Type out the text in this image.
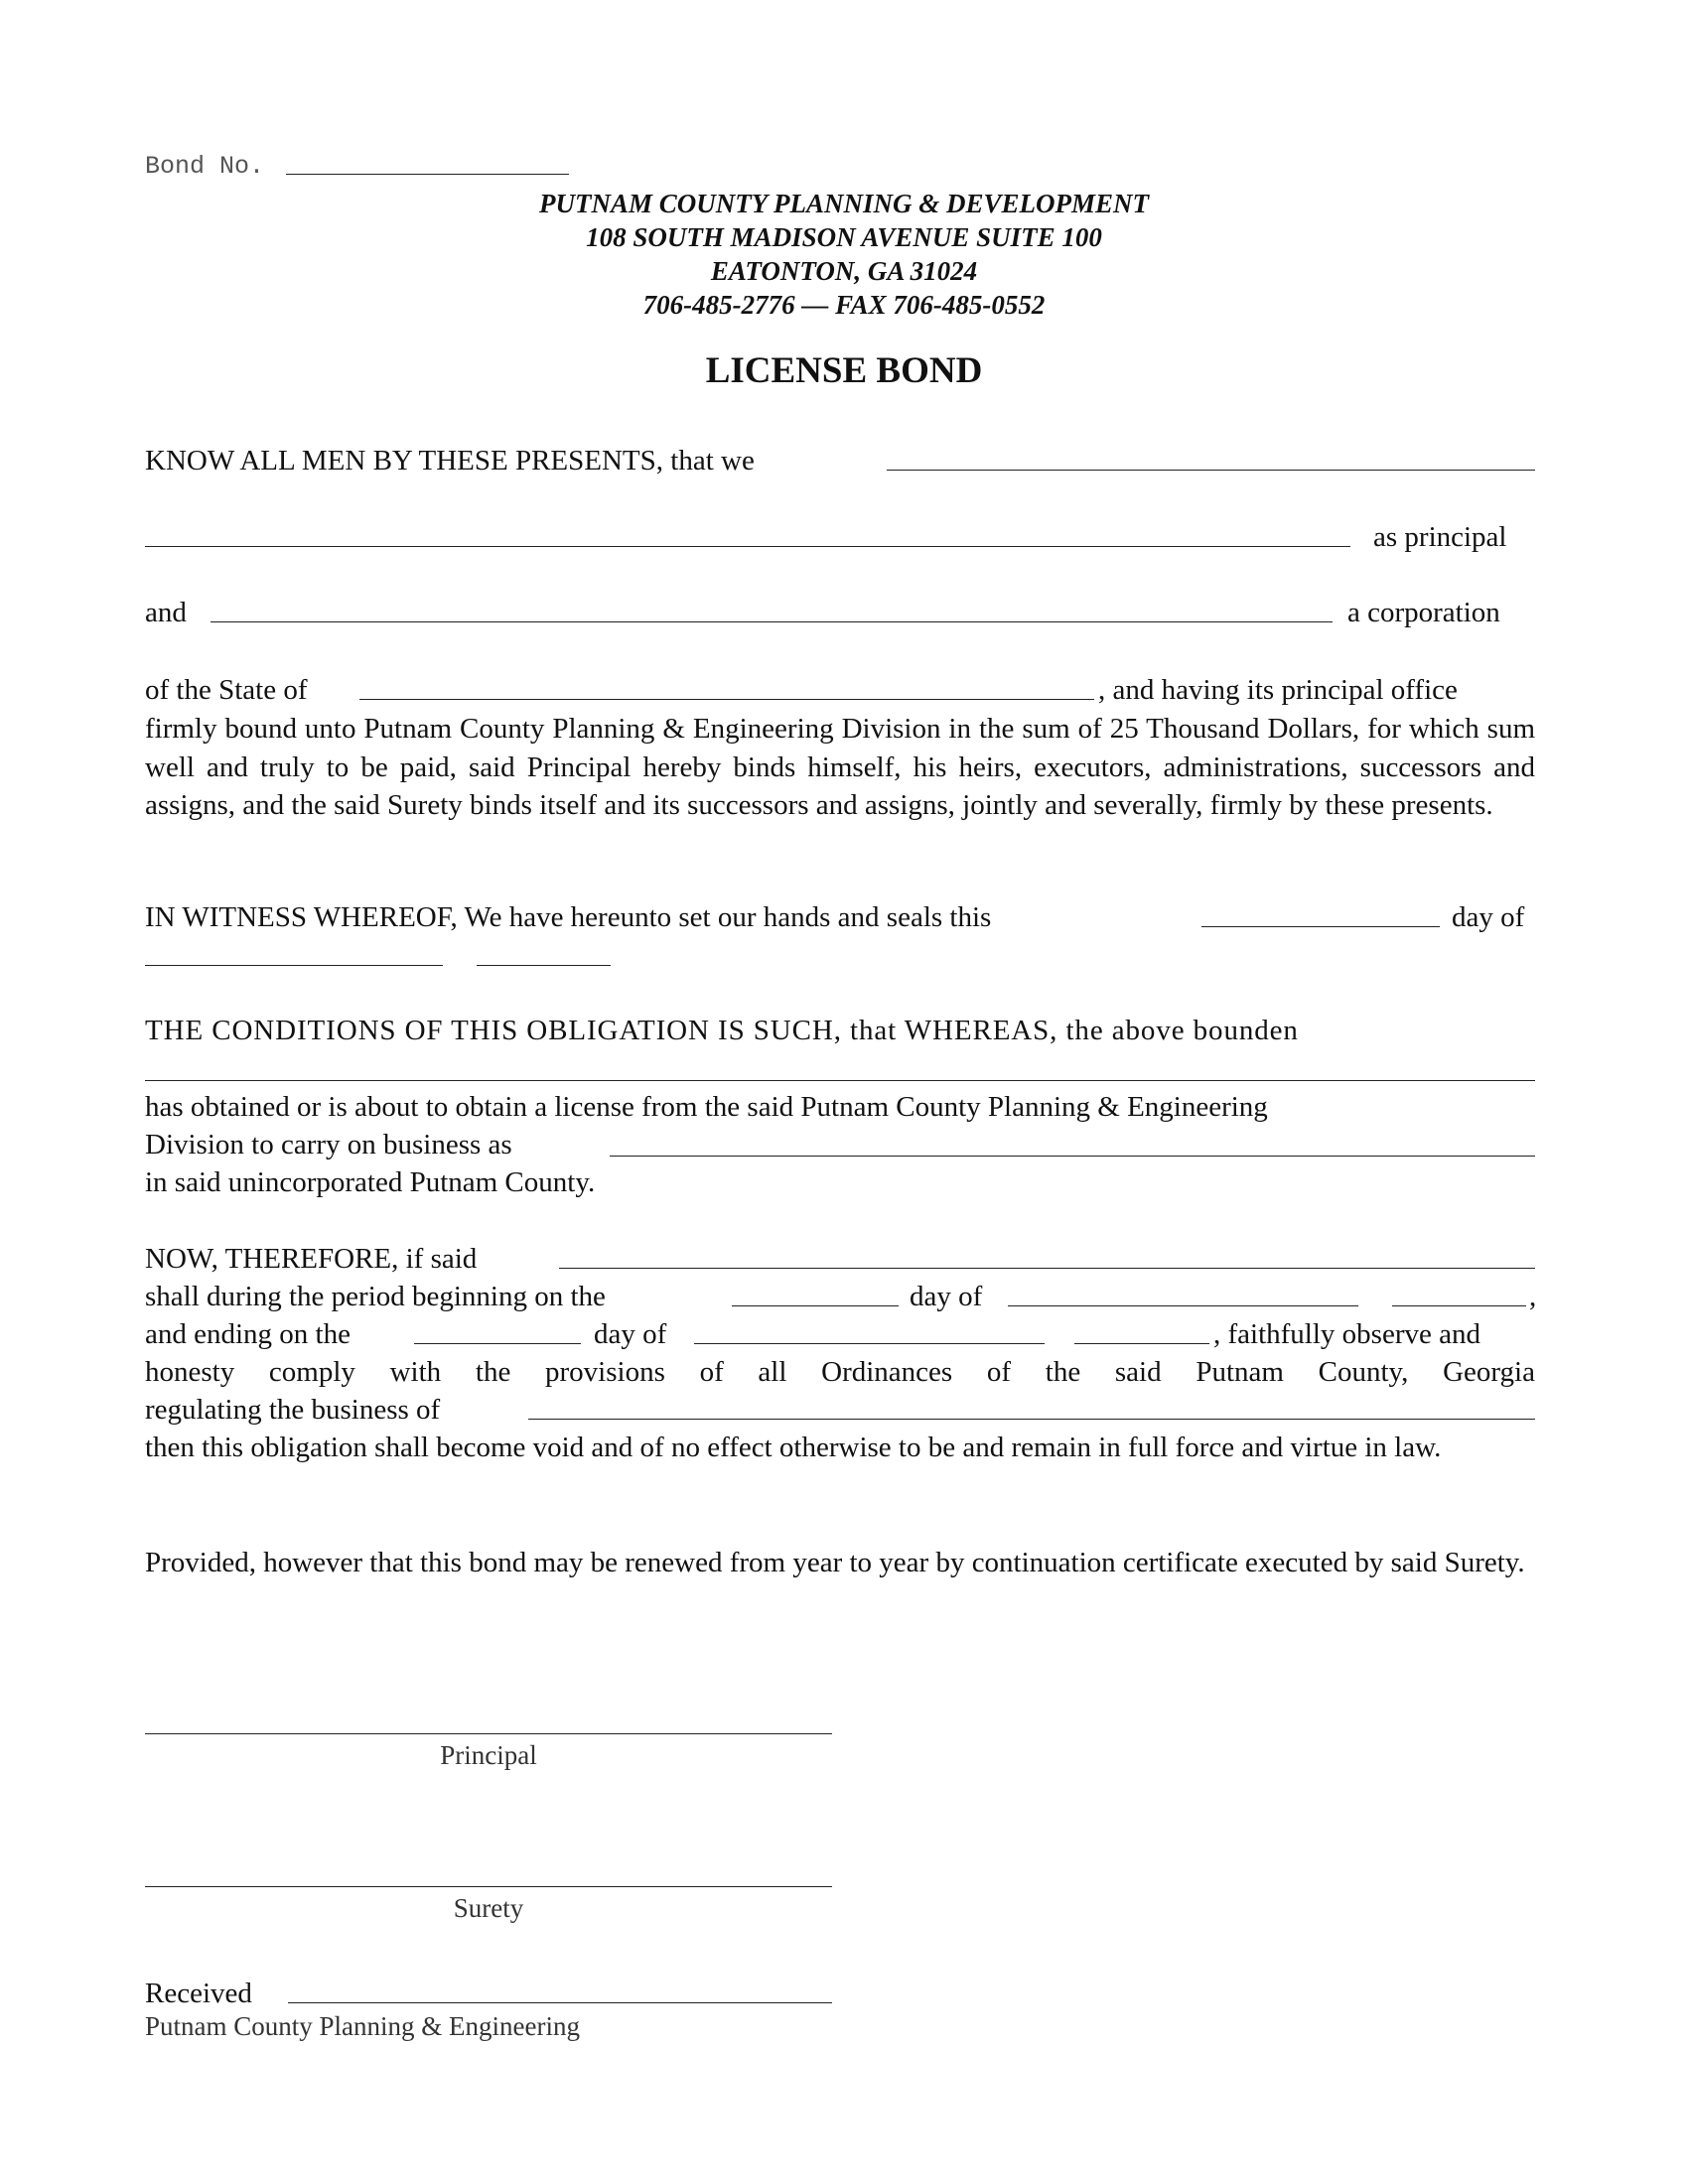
Bond No.
PUTNAM COUNTY PLANNING & DEVELOPMENT
108 SOUTH MADISON AVENUE SUITE 100
EATONTON, GA 31024
706-485-2776 — FAX 706-485-0552
LICENSE BOND
KNOW ALL MEN BY THESE PRESENTS, that we
as principal
and	a corporation
of the State of	, and having its principal office
firmly bound unto Putnam County Planning & Engineering Division in the sum of 25 Thousand Dollars, for which sum well and truly to be paid, said Principal hereby binds himself, his heirs, executors, administrations, successors and assigns, and the said Surety binds itself and its successors and assigns, jointly and severally, firmly by these presents.
IN WITNESS WHEREOF, We have hereunto set our hands and seals this	day of
THE CONDITIONS OF THIS OBLIGATION IS SUCH, that WHEREAS, the above bounden
has obtained or is about to obtain a license from the said Putnam County Planning & Engineering
Division to carry on business as
in said unincorporated Putnam County.
NOW, THEREFORE, if said
shall during the period beginning on the	day of	,
and ending on the	day of	, faithfully observe and
honesty comply with the provisions of all Ordinances of the said Putnam County, Georgia
regulating the business of
then this obligation shall become void and of no effect otherwise to be and remain in full force and virtue in law.
Provided, however that this bond may be renewed from year to year by continuation certificate executed by said Surety.
Principal
Surety
Received
Putnam County Planning & Engineering
